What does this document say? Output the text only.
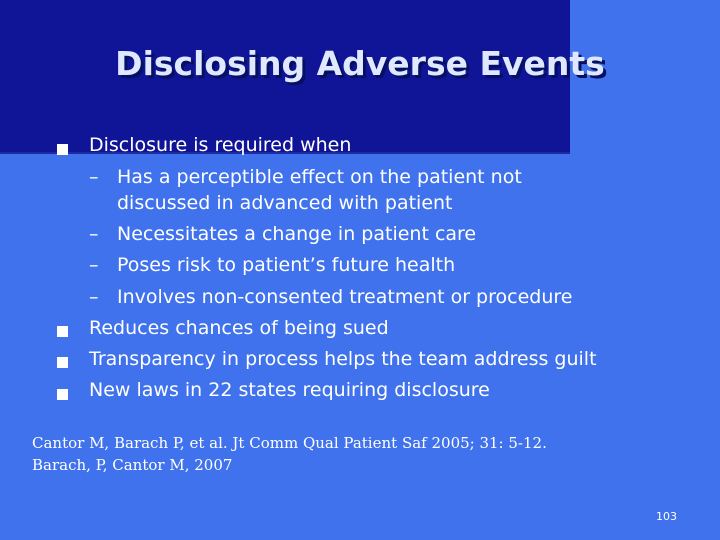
Disclosing Adverse Events
Disclosure is required when
– Has a perceptible effect on the patient not
discussed in advanced with patient
– Necessitates a change in patient care
– Poses risk to patient’s future health
– Involves non-consented treatment or procedure
Reduces chances of being sued
Transparency in process helps the team address guilt
New laws in 22 states requiring disclosure
Cantor M, Barach P, et al. Jt Comm Qual Patient Saf 2005; 31: 5-12.
Barach, P, Cantor M, 2007
103
